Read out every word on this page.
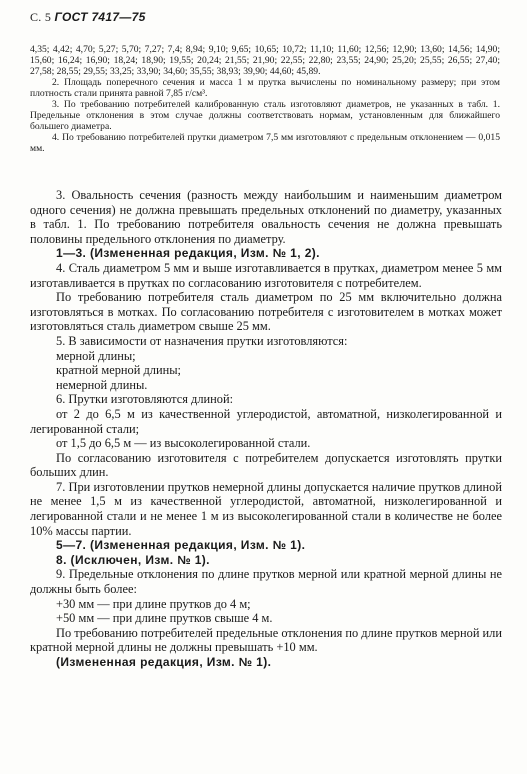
С. 5 ГОСТ 7417—75

4,35; 4,42; 4,70; 5,27; 5,70; 7,27; 7,4; 8,94; 9,10; 9,65; 10,65; 10,72; 11,10; 11,60; 12,56; 12,90; 13,60; 14,56; 14,90; 15,60; 16,24; 16,90; 18,24; 18,90; 19,55; 20,24; 21,55; 21,90; 22,55; 22,80; 23,55; 24,90; 25,20; 25,55; 26,55; 27,40; 27,58; 28,55; 29,55; 33,25; 33,90; 34,60; 35,55; 38,93; 39,90; 44,60; 45,89.

2. Площадь поперечного сечения и масса 1 м прутка вычислены по номинальному размеру; при этом плотность стали принята равной 7,85 г/см³.

3. По требованию потребителей калиброванную сталь изготовляют диаметров, не указанных в табл. 1. Предельные отклонения в этом случае должны соответствовать нормам, установленным для ближайшего большего диаметра.

4. По требованию потребителей прутки диаметром 7,5 мм изготовляют с предельным отклонением — 0,015 мм.

3. Овальность сечения (разность между наибольшим и наименьшим диаметром одного сечения) не должна превышать предельных отклонений по диаметру, указанных в табл. 1. По требованию потребителя овальность сечения не должна превышать половины предельного отклонения по диаметру.

1—3. (Измененная редакция, Изм. № 1, 2).

4. Сталь диаметром 5 мм и выше изготавливается в прутках, диаметром менее 5 мм изготавливается в прутках по согласованию изготовителя с потребителем.

По требованию потребителя сталь диаметром по 25 мм включительно должна изготовляться в мотках. По согласованию потребителя с изготовителем в мотках может изготовляться сталь диаметром свыше 25 мм.

5. В зависимости от назначения прутки изготовляются:

мерной длины;

кратной мерной длины;

немерной длины.

6. Прутки изготовляются длиной:

от 2 до 6,5 м из качественной углеродистой, автоматной, низколегированной и легированной стали;

от 1,5 до 6,5 м — из высоколегированной стали.

По согласованию изготовителя с потребителем допускается изготовлять прутки больших длин.

7. При изготовлении прутков немерной длины допускается наличие прутков длиной не менее 1,5 м из качественной углеродистой, автоматной, низколегированной и легированной стали и не менее 1 м из высоколегированной стали в количестве не более 10% массы партии.

5—7. (Измененная редакция, Изм. № 1).

8. (Исключен, Изм. № 1).

9. Предельные отклонения по длине прутков мерной или кратной мерной длины не должны быть более:

+30 мм — при длине прутков до 4 м;

+50 мм — при длине прутков свыше 4 м.

По требованию потребителей предельные отклонения по длине прутков мерной или кратной мерной длины не должны превышать +10 мм.

(Измененная редакция, Изм. № 1).
